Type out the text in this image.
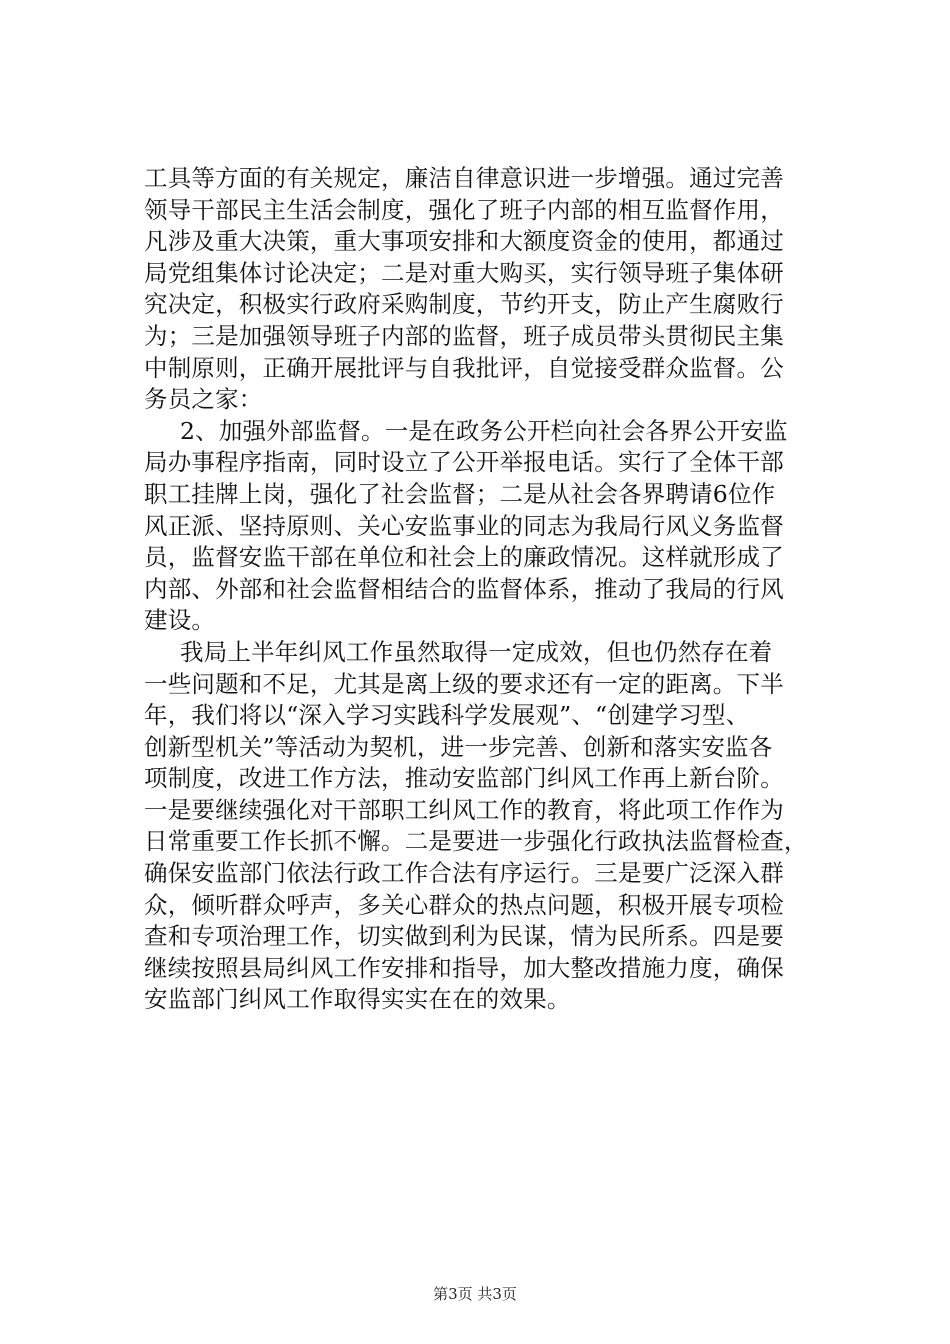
工具等方面的有关规定，廉洁自律意识进一步增强。通过完善
领导干部民主生活会制度，强化了班子内部的相互监督作用，
凡涉及重大决策，重大事项安排和大额度资金的使用，都通过
局党组集体讨论决定；二是对重大购买，实行领导班子集体研
究决定，积极实行政府采购制度，节约开支，防止产生腐败行
为；三是加强领导班子内部的监督，班子成员带头贯彻民主集
中制原则，正确开展批评与自我批评，自觉接受群众监督。公
务员之家：
2、加强外部监督。一是在政务公开栏向社会各界公开安监
局办事程序指南，同时设立了公开举报电话。实行了全体干部
职工挂牌上岗，强化了社会监督；二是从社会各界聘请6位作
风正派、坚持原则、关心安监事业的同志为我局行风义务监督
员，监督安监干部在单位和社会上的廉政情况。这样就形成了
内部、外部和社会监督相结合的监督体系，推动了我局的行风
建设。
我局上半年纠风工作虽然取得一定成效，但也仍然存在着
一些问题和不足，尤其是离上级的要求还有一定的距离。下半
年，我们将以“深入学习实践科学发展观”、“创建学习型、
创新型机关”等活动为契机，进一步完善、创新和落实安监各
项制度，改进工作方法，推动安监部门纠风工作再上新台阶。
一是要继续强化对干部职工纠风工作的教育，将此项工作作为
日常重要工作长抓不懈。二是要进一步强化行政执法监督检查，
确保安监部门依法行政工作合法有序运行。三是要广泛深入群
众，倾听群众呼声，多关心群众的热点问题，积极开展专项检
查和专项治理工作，切实做到利为民谋，情为民所系。四是要
继续按照县局纠风工作安排和指导，加大整改措施力度，确保
安监部门纠风工作取得实实在在的效果。
第3页 共3页
